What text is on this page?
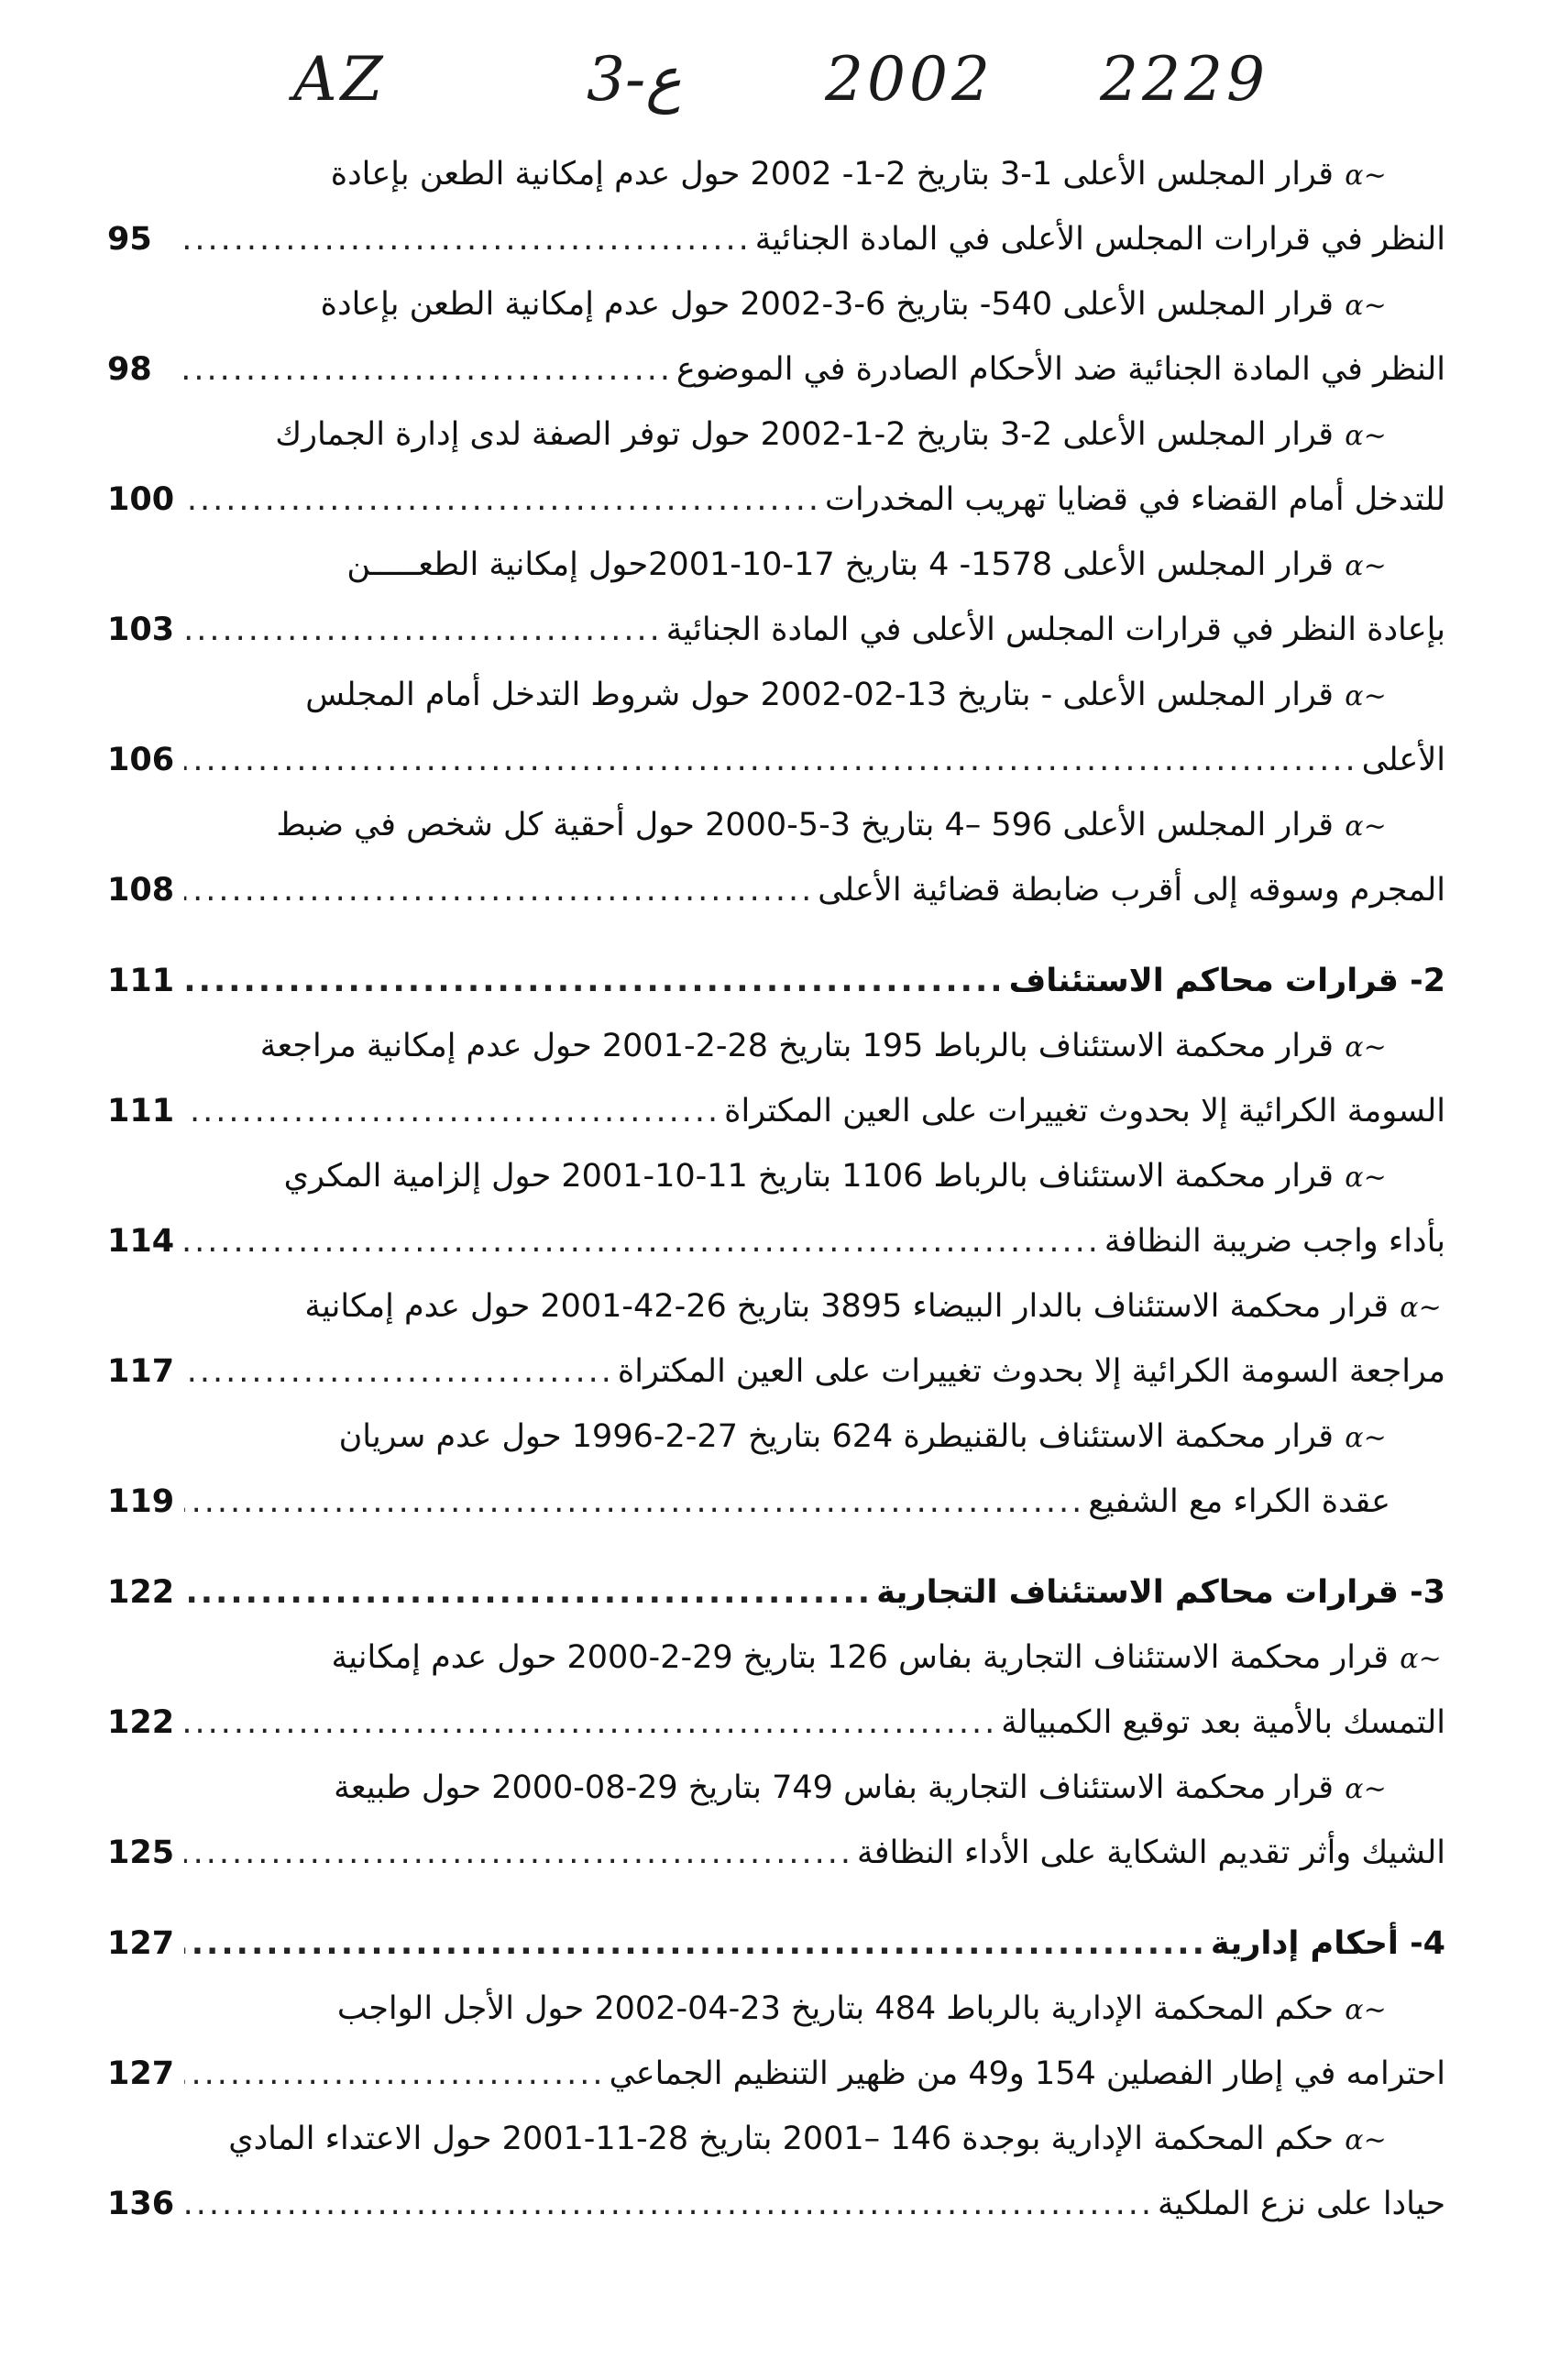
AZ	3-ع 2002 2229
∽ɑقرار المجلس الأعلى 1-3 بتاريخ 2-1- 2002 حول عدم إمكانية الطعن بإعادة
النظر في قرارات المجلس الأعلى في المادة الجنائية
.....
95
∽ɑقرار المجلس الأعلى 540- بتاريخ 6-3-2002 حول عدم إمكانية الطعن بإعادة
النظر في المادة الجنائية ضد الأحكام الصادرة في الموضوع
.....
98
∽ɑقرار المجلس الأعلى 2-3 بتاريخ 2-1-2002 حول توفر الصفة لدى إدارة الجمارك
للتدخل أمام القضاء في قضايا تهريب المخدرات
.....
100
∽ɑقرار المجلس الأعلى 1578- 4 بتاريخ 17-10-2001حول إمكانية الطعـــــن
بإعادة النظر في قرارات المجلس الأعلى في المادة الجنائية
.....
103
∽ɑقرار المجلس الأعلى - بتاريخ 13-02-2002 حول شروط التدخل أمام المجلس
الأعلى
.....
106
∽ɑقرار المجلس الأعلى 596 –4 بتاريخ 3-5-2000 حول أحقية كل شخص في ضبط
المجرم وسوقه إلى أقرب ضابطة قضائية الأعلى
.....
108
2- قرارات محاكم الاستئناف
.....
111
∽ɑقرار محكمة الاستئناف بالرباط 195 بتاريخ 28-2-2001 حول عدم إمكانية مراجعة
السومة الكرائية إلا بحدوث تغييرات على العين المكتراة
.....
111
∽ɑقرار محكمة الاستئناف بالرباط 1106 بتاريخ 11-10-2001 حول إلزامية المكري
بأداء واجب ضريبة النظافة
.....
114
∽ɑقرار محكمة الاستئناف بالدار البيضاء 3895 بتاريخ 26-42-2001 حول عدم إمكانية
مراجعة السومة الكرائية إلا بحدوث تغييرات على العين المكتراة
.....
117
∽ɑقرار محكمة الاستئناف بالقنيطرة 624 بتاريخ 27-2-1996 حول عدم سريان
عقدة الكراء مع الشفيع
.....
119
3- قرارات محاكم الاستئناف التجارية
.....
122
∽ɑقرار محكمة الاستئناف التجارية بفاس 126 بتاريخ 29-2-2000 حول عدم إمكانية
التمسك بالأمية بعد توقيع الكمبيالة
.....
122
∽ɑقرار محكمة الاستئناف التجارية بفاس 749 بتاريخ 29-08-2000 حول طبيعة
الشيك وأثر تقديم الشكاية على الأداء النظافة
.....
125
4- أحكام إدارية
.....
127
∽ɑحكم المحكمة الإدارية بالرباط 484 بتاريخ 23-04-2002 حول الأجل الواجب
احترامه في إطار الفصلين 154 و49 من ظهير التنظيم الجماعي
.....
127
∽ɑحكم المحكمة الإدارية بوجدة 146 –2001 بتاريخ 28-11-2001 حول الاعتداء المادي
حيادا على نزع الملكية
.....
136
